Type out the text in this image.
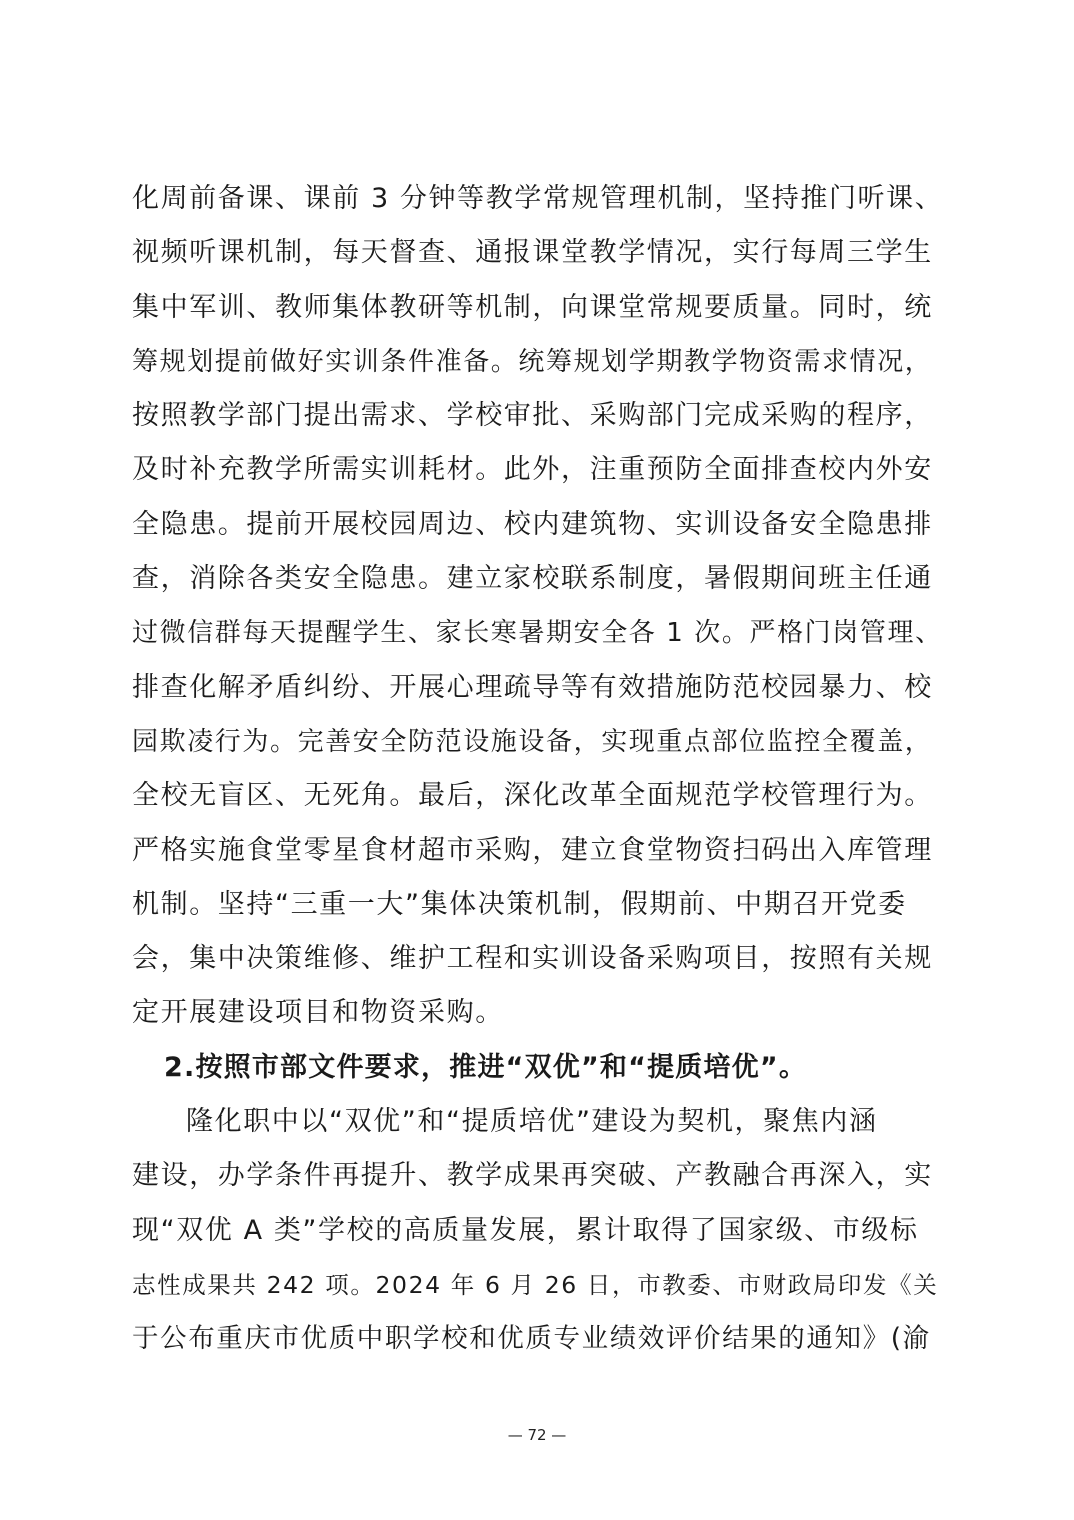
化周前备课、课前 3 分钟等教学常规管理机制，坚持推门听课、
视频听课机制，每天督查、通报课堂教学情况，实行每周三学生
集中军训、教师集体教研等机制，向课堂常规要质量。同时，统
筹规划提前做好实训条件准备。统筹规划学期教学物资需求情况，
按照教学部门提出需求、学校审批、采购部门完成采购的程序，
及时补充教学所需实训耗材。此外，注重预防全面排查校内外安
全隐患。提前开展校园周边、校内建筑物、实训设备安全隐患排
查，消除各类安全隐患。建立家校联系制度，暑假期间班主任通
过微信群每天提醒学生、家长寒暑期安全各 1 次。严格门岗管理、
排查化解矛盾纠纷、开展心理疏导等有效措施防范校园暴力、校
园欺凌行为。完善安全防范设施设备，实现重点部位监控全覆盖，
全校无盲区、无死角。最后，深化改革全面规范学校管理行为。
严格实施食堂零星食材超市采购，建立食堂物资扫码出入库管理
机制。坚持“三重一大”集体决策机制，假期前、中期召开党委
会，集中决策维修、维护工程和实训设备采购项目，按照有关规
定开展建设项目和物资采购。
2.按照市部文件要求，推进“双优”和“提质培优”。
隆化职中以“双优”和“提质培优”建设为契机，聚焦内涵
建设，办学条件再提升、教学成果再突破、产教融合再深入，实
现“双优 A 类”学校的高质量发展，累计取得了国家级、市级标
志性成果共 242 项。2024 年 6 月 26 日，市教委、市财政局印发《关
于公布重庆市优质中职学校和优质专业绩效评价结果的通知》(渝
— 72 —
